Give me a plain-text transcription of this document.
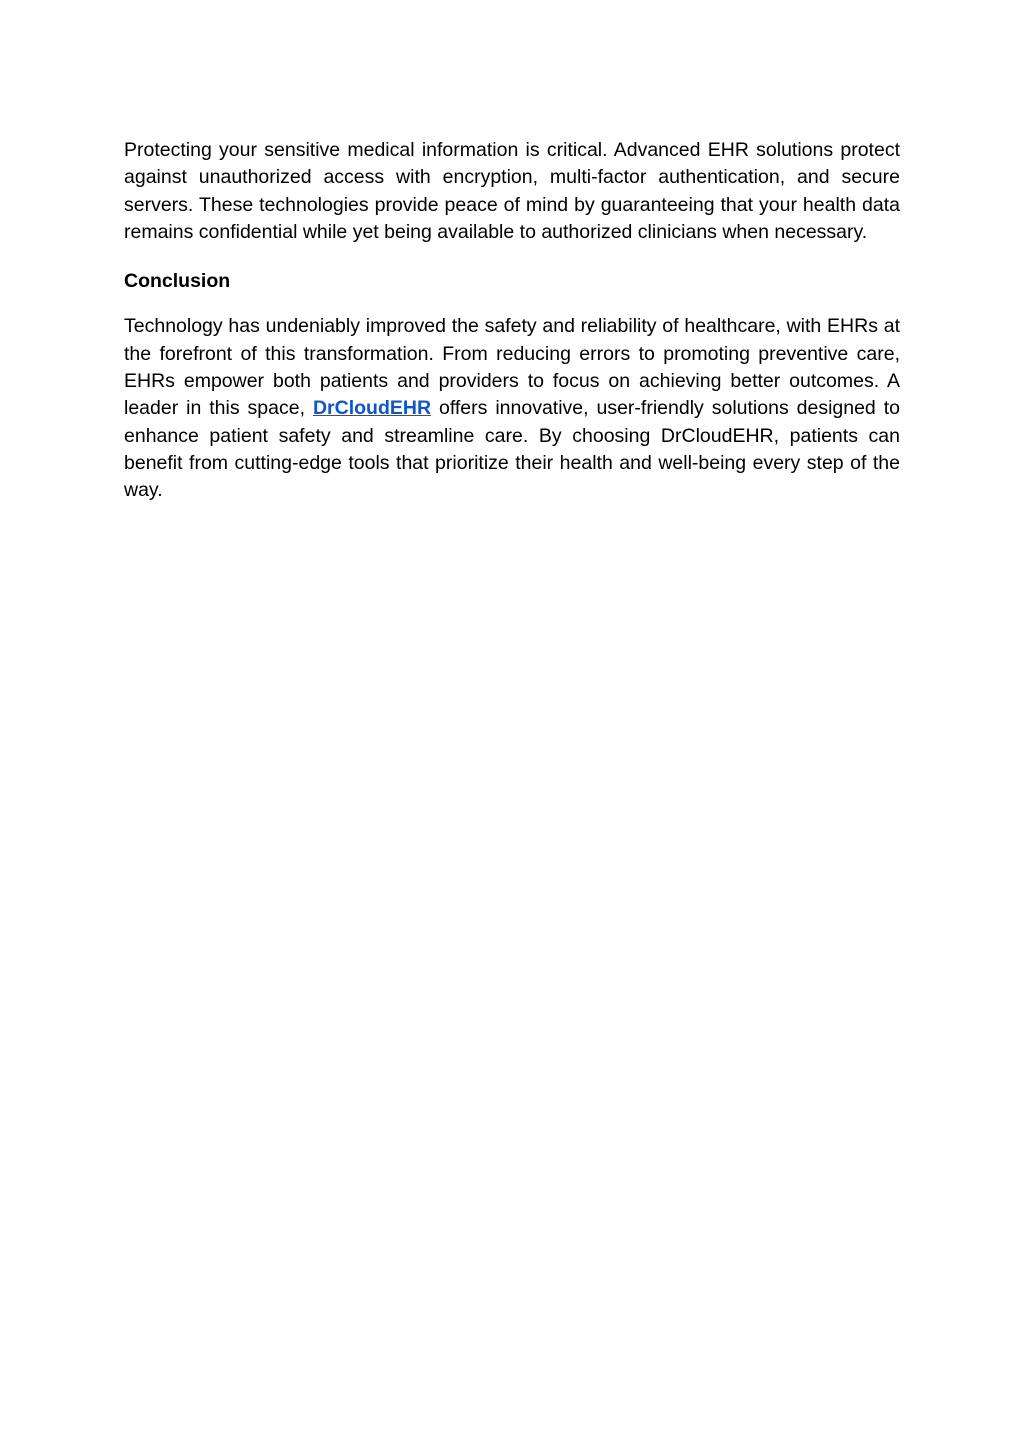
Protecting your sensitive medical information is critical. Advanced EHR solutions protect against unauthorized access with encryption, multi-factor authentication, and secure servers. These technologies provide peace of mind by guaranteeing that your health data remains confidential while yet being available to authorized clinicians when necessary.

Conclusion

Technology has undeniably improved the safety and reliability of healthcare, with EHRs at the forefront of this transformation. From reducing errors to promoting preventive care, EHRs empower both patients and providers to focus on achieving better outcomes. A leader in this space, DrCloudEHR offers innovative, user-friendly solutions designed to enhance patient safety and streamline care. By choosing DrCloudEHR, patients can benefit from cutting-edge tools that prioritize their health and well-being every step of the way.
